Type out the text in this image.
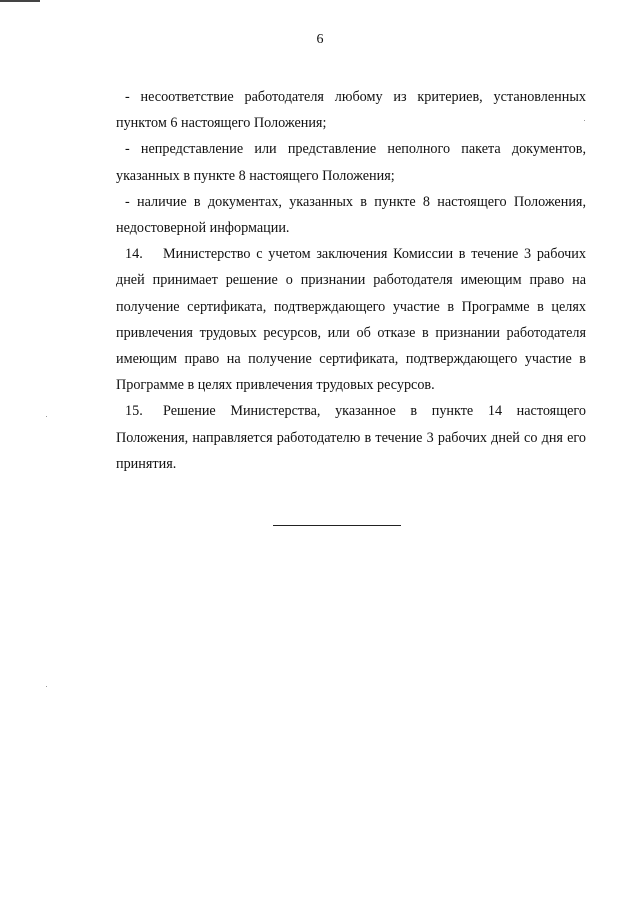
6

- несоответствие работодателя любому из критериев, установленных пунктом 6 настоящего Положения;

- непредставление или представление неполного пакета документов, указанных в пункте 8 настоящего Положения;

- наличие в документах, указанных в пункте 8 настоящего Положения, недостоверной информации.

14. Министерство с учетом заключения Комиссии в течение 3 рабочих дней принимает решение о признании работодателя имеющим право на получение сертификата, подтверждающего участие в Программе в целях привлечения трудовых ресурсов, или об отказе в признании работодателя имеющим право на получение сертификата, подтверждающего участие в Программе в целях привлечения трудовых ресурсов.

15. Решение Министерства, указанное в пункте 14 настоящего Положения, направляется работодателю в течение 3 рабочих дней со дня его принятия.
